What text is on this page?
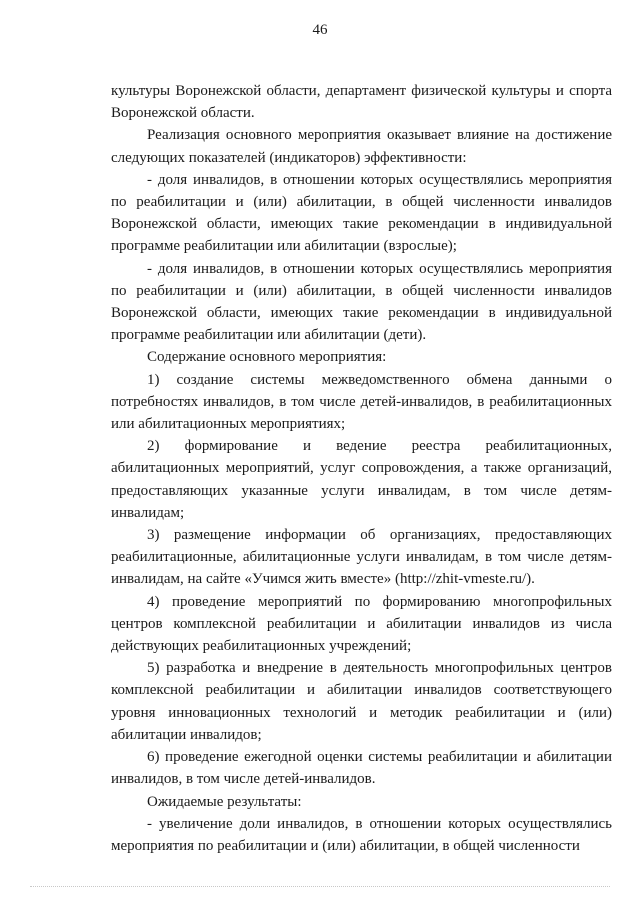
46

культуры Воронежской области, департамент физической культуры и спорта Воронежской области.

Реализация основного мероприятия оказывает влияние на достижение следующих показателей (индикаторов) эффективности:

- доля инвалидов, в отношении которых осуществлялись мероприятия по реабилитации и (или) абилитации, в общей численности инвалидов Воронежской области, имеющих такие рекомендации в индивидуальной программе реабилитации или абилитации (взрослые);

- доля инвалидов, в отношении которых осуществлялись мероприятия по реабилитации и (или) абилитации, в общей численности инвалидов Воронежской области, имеющих такие рекомендации в индивидуальной программе реабилитации или абилитации (дети).

Содержание основного мероприятия:

1) создание системы межведомственного обмена данными о потребностях инвалидов, в том числе детей-инвалидов, в реабилитационных или абилитационных мероприятиях;

2) формирование и ведение реестра реабилитационных, абилитационных мероприятий, услуг сопровождения, а также организаций, предоставляющих указанные услуги инвалидам, в том числе детям-инвалидам;

3) размещение информации об организациях, предоставляющих реабилитационные, абилитационные услуги инвалидам, в том числе детям-инвалидам, на сайте «Учимся жить вместе» (http://zhit-vmeste.ru/).

4) проведение мероприятий по формированию многопрофильных центров комплексной реабилитации и абилитации инвалидов из числа действующих реабилитационных учреждений;

5) разработка и внедрение в деятельность многопрофильных центров комплексной реабилитации и абилитации инвалидов соответствующего уровня инновационных технологий и методик реабилитации и (или) абилитации инвалидов;

6) проведение ежегодной оценки системы реабилитации и абилитации инвалидов, в том числе детей-инвалидов.

Ожидаемые результаты:

- увеличение доли инвалидов, в отношении которых осуществлялись мероприятия по реабилитации и (или) абилитации, в общей численности
